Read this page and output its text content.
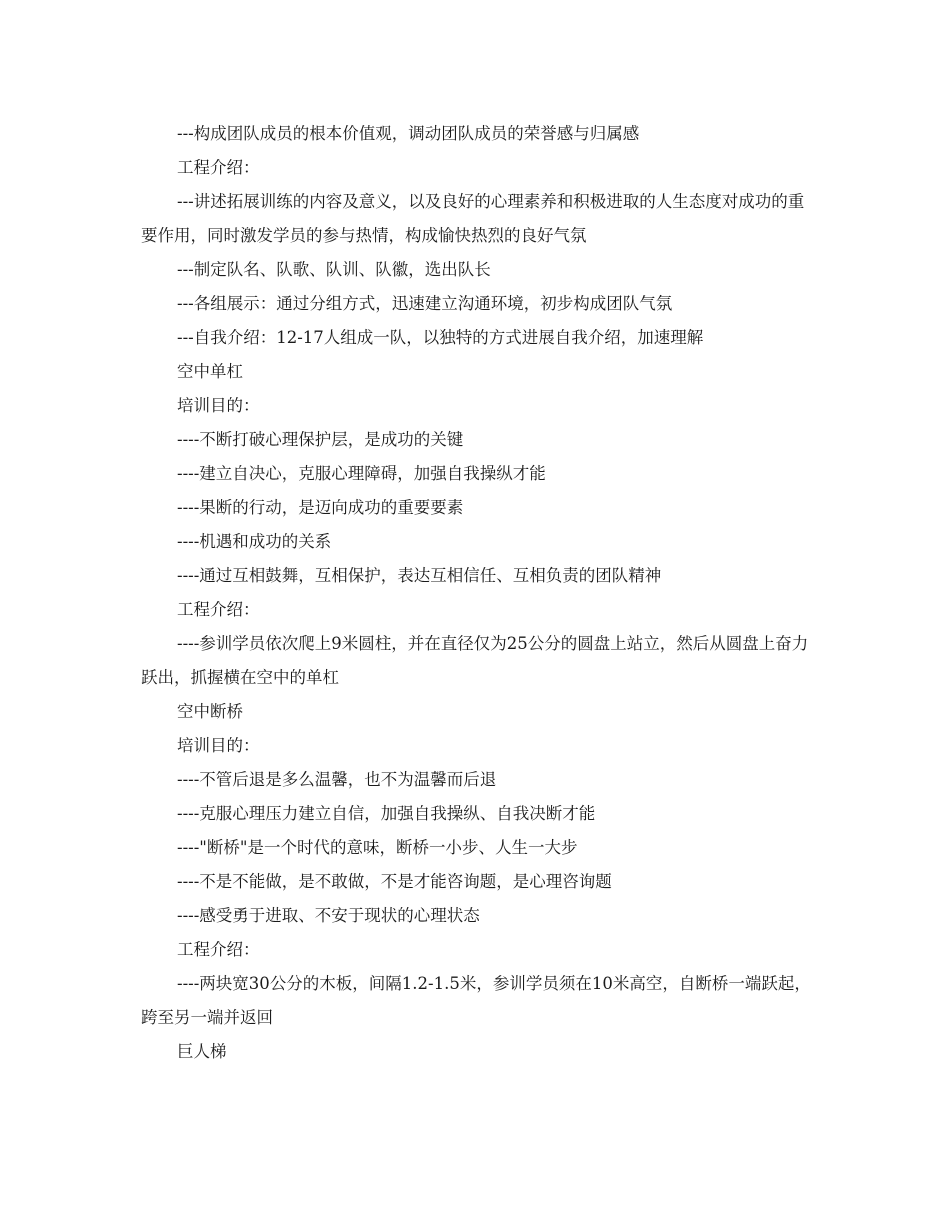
---构成团队成员的根本价值观，调动团队成员的荣誉感与归属感

工程介绍：

---讲述拓展训练的内容及意义，以及良好的心理素养和积极进取的人生态度对成功的重要作用，同时激发学员的参与热情，构成愉快热烈的良好气氛

---制定队名、队歌、队训、队徽，选出队长

---各组展示：通过分组方式，迅速建立沟通环境，初步构成团队气氛

---自我介绍：12-17人组成一队，以独特的方式进展自我介绍，加速理解

空中单杠

培训目的：

----不断打破心理保护层，是成功的关键

----建立自决心，克服心理障碍，加强自我操纵才能

----果断的行动，是迈向成功的重要要素

----机遇和成功的关系

----通过互相鼓舞，互相保护，表达互相信任、互相负责的团队精神

工程介绍：

----参训学员依次爬上9米圆柱，并在直径仅为25公分的圆盘上站立，然后从圆盘上奋力跃出，抓握横在空中的单杠

空中断桥

培训目的：

----不管后退是多么温馨，也不为温馨而后退

----克服心理压力建立自信，加强自我操纵、自我决断才能

----"断桥"是一个时代的意味，断桥一小步、人生一大步

----不是不能做，是不敢做，不是才能咨询题，是心理咨询题

----感受勇于进取、不安于现状的心理状态

工程介绍：

----两块宽30公分的木板，间隔1.2-1.5米，参训学员须在10米高空，自断桥一端跃起，跨至另一端并返回

巨人梯
